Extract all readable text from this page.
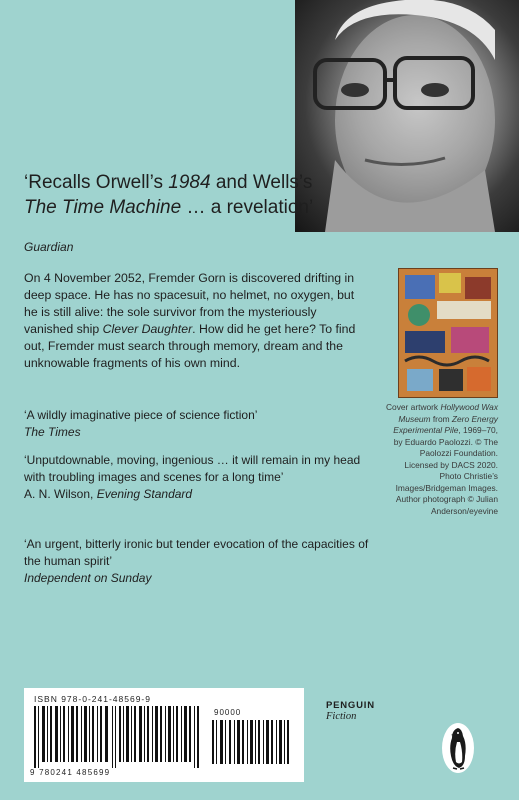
‘Recalls Orwell’s 1984 and Wells’s The Time Machine … a revelation’

Guardian

On 4 November 2052, Fremder Gorn is discovered drifting in deep space. He has no spacesuit, no helmet, no oxygen, but he is still alive: the sole survivor from the mysteriously vanished ship Clever Daughter. How did he get here? To find out, Fremder must search through memory, dream and the unknowable fragments of his own mind.

‘A wildly imaginative piece of science fiction’
The Times

‘Unputdownable, moving, ingenious … it will remain in my head with troubling images and scenes for a long time’
A. N. Wilson, Evening Standard

‘An urgent, bitterly ironic but tender evocation of the capacities of the human spirit’
Independent on Sunday

Cover artwork Hollywood Wax Museum from Zero Energy Experimental Pile, 1969–70, by Eduardo Paolozzi. © The Paolozzi Foundation. Licensed by DACS 2020. Photo Christie’s Images/Bridgeman Images. Author photograph © Julian Anderson/eyevine

ISBN 978-0-241-48569-9
90000
9 780241 485699
PENGUIN
Fiction
